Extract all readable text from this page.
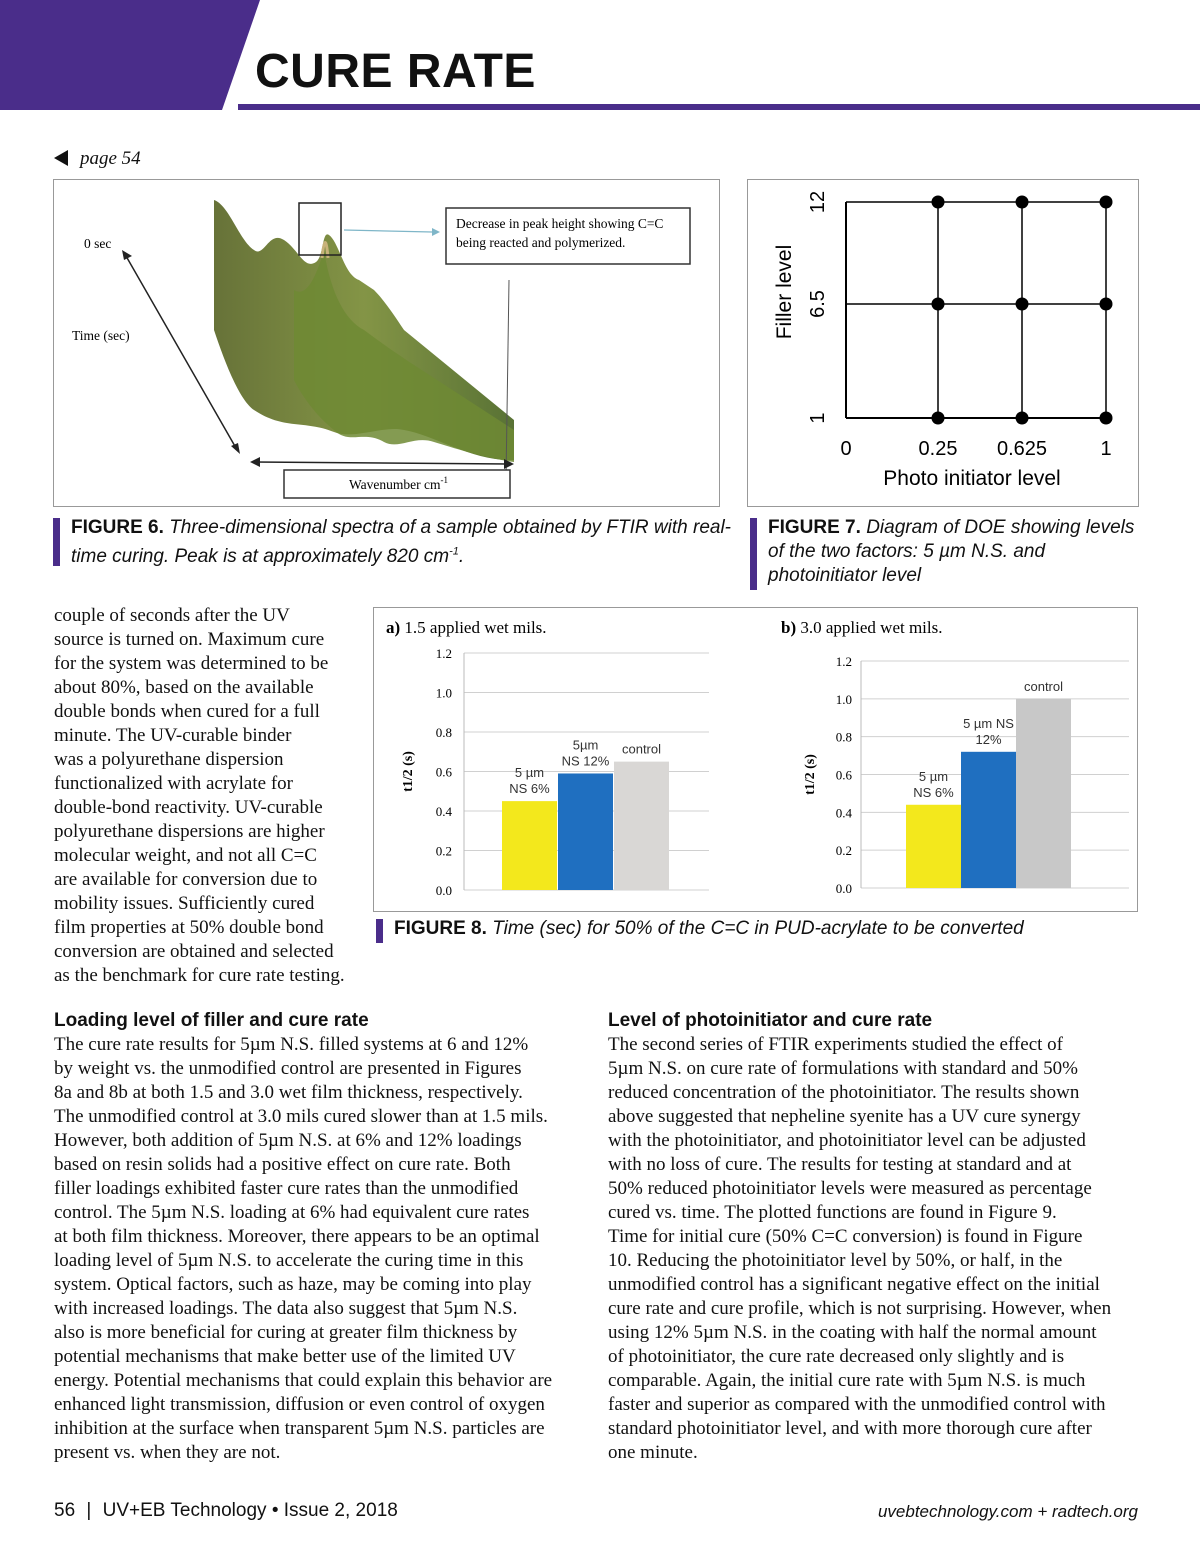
CURE RATE
page 54
Decrease in peak height showing C=C
being reacted and polymerized.
0 sec
Time (sec)
Wavenumber $cm^{-1}$
FIGURE 6. Three-dimensional spectra of a sample obtained by FTIR with real-time curing. Peak is at approximately 820 $cm^{-1}$.
0	0.25 0.625	1
1
6.5
12
Photo initiator level
Filler level
FIGURE 7. Diagram of DOE showing levels of the two factors: 5 µm N.S. and photoinitiator level
couple of seconds after the UV
source is turned on. Maximum cure
for the system was determined to be
about 80%, based on the available
double bonds when cured for a full
minute. The UV-curable binder
was a polyurethane dispersion
functionalized with acrylate for
double-bond reactivity. UV-curable
polyurethane dispersions are higher
molecular weight, and not all C=C
are available for conversion due to
mobility issues. Sufficiently cured
film properties at 50% double bond
conversion are obtained and selected
as the benchmark for cure rate testing.
a) 1.5 applied wet mils.
0.0
0.2
0.4
0.6
0.8
1.0
1.2
t1/2 (s)	5 µm
NS 6%
5µm
NS 12%
control
b) 3.0 applied wet mils.
0.0
0.2
0.4
0.6
0.8
1.0
1.2
t1/2 (s)	5 µm
NS 6%
5 µm NS
12%
control
FIGURE 8. Time (sec) for 50% of the C=C in PUD-acrylate to be converted
Loading level of filler and cure rate
The cure rate results for 5µm N.S. filled systems at 6 and 12%
by weight vs. the unmodified control are presented in Figures
8a and 8b at both 1.5 and 3.0 wet film thickness, respectively.
The unmodified control at 3.0 mils cured slower than at 1.5 mils.
However, both addition of 5µm N.S. at 6% and 12% loadings
based on resin solids had a positive effect on cure rate. Both
filler loadings exhibited faster cure rates than the unmodified
control. The 5µm N.S. loading at 6% had equivalent cure rates
at both film thickness. Moreover, there appears to be an optimal
loading level of 5µm N.S. to accelerate the curing time in this
system. Optical factors, such as haze, may be coming into play
with increased loadings. The data also suggest that 5µm N.S.
also is more beneficial for curing at greater film thickness by
potential mechanisms that make better use of the limited UV
energy. Potential mechanisms that could explain this behavior are
enhanced light transmission, diffusion or even control of oxygen
inhibition at the surface when transparent 5µm N.S. particles are
present vs. when they are not.
Level of photoinitiator and cure rate
The second series of FTIR experiments studied the effect of
5µm N.S. on cure rate of formulations with standard and 50%
reduced concentration of the photoinitiator. The results shown
above suggested that nepheline syenite has a UV cure synergy
with the photoinitiator, and photoinitiator level can be adjusted
with no loss of cure. The results for testing at standard and at
50% reduced photoinitiator levels were measured as percentage
cured vs. time. The plotted functions are found in Figure 9.
Time for initial cure (50% C=C conversion) is found in Figure
10. Reducing the photoinitiator level by 50%, or half, in the
unmodified control has a significant negative effect on the initial
cure rate and cure profile, which is not surprising. However, when
using 12% 5µm N.S. in the coating with half the normal amount
of photoinitiator, the cure rate decreased only slightly and is
comparable. Again, the initial cure rate with 5µm N.S. is much
faster and superior as compared with the unmodified control with
standard photoinitiator level, and with more thorough cure after
one minute.
56 | UV+EB Technology • Issue 2, 2018	uvebtechnology.com + radtech.org
